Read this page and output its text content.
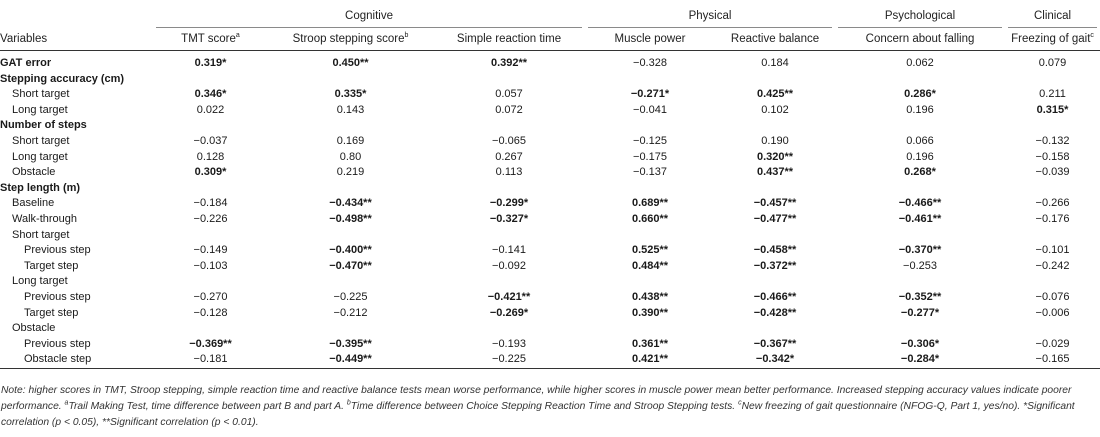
	Cognitive			Physical		Psychological	Clinical

Variables	TMT score$^a$	Stroop stepping score$^b$	Simple reaction time	Muscle power	Reactive balance	Concern about falling	Freezing of gait$^c$
GAT error	0.319*	0.450**	0.392**	−0.328	0.184	0.062	0.079
Stepping accuracy (cm)							
Short target	0.346*	0.335*	0.057	−0.271*	0.425**	0.286*	0.211
Long target	0.022	0.143	0.072	−0.041	0.102	0.196	0.315*
Number of steps							
Short target	−0.037	0.169	−0.065	−0.125	0.190	0.066	−0.132
Long target	0.128	0.80	0.267	−0.175	0.320**	0.196	−0.158
Obstacle	0.309*	0.219	0.113	−0.137	0.437**	0.268*	−0.039
Step length (m)							
Baseline	−0.184	−0.434**	−0.299*	0.689**	−0.457**	−0.466**	−0.266
Walk-through	−0.226	−0.498**	−0.327*	0.660**	−0.477**	−0.461**	−0.176
Short target							
Previous step	−0.149	−0.400**	−0.141	0.525**	−0.458**	−0.370**	−0.101
Target step	−0.103	−0.470**	−0.092	0.484**	−0.372**	−0.253	−0.242
Long target							
Previous step	−0.270	−0.225	−0.421**	0.438**	−0.466**	−0.352**	−0.076
Target step	−0.128	−0.212	−0.269*	0.390**	−0.428**	−0.277*	−0.006
Obstacle							
Previous step	−0.369**	−0.395**	−0.193	0.361**	−0.367**	−0.306*	−0.029
Obstacle step	−0.181	−0.449**	−0.225	0.421**	−0.342*	−0.284*	−0.165
Note: higher scores in TMT, Stroop stepping, simple reaction time and reactive balance tests mean worse performance, while higher scores in muscle power mean better performance. Increased stepping accuracy values indicate poorer performance. $^a$Trail Making Test, time difference between part B and part A. $^b$Time difference between Choice Stepping Reaction Time and Stroop Stepping tests. $^c$New freezing of gait questionnaire (NFOG-Q, Part 1, yes/no). *Significant correlation (p < 0.05), **Significant correlation (p < 0.01).
